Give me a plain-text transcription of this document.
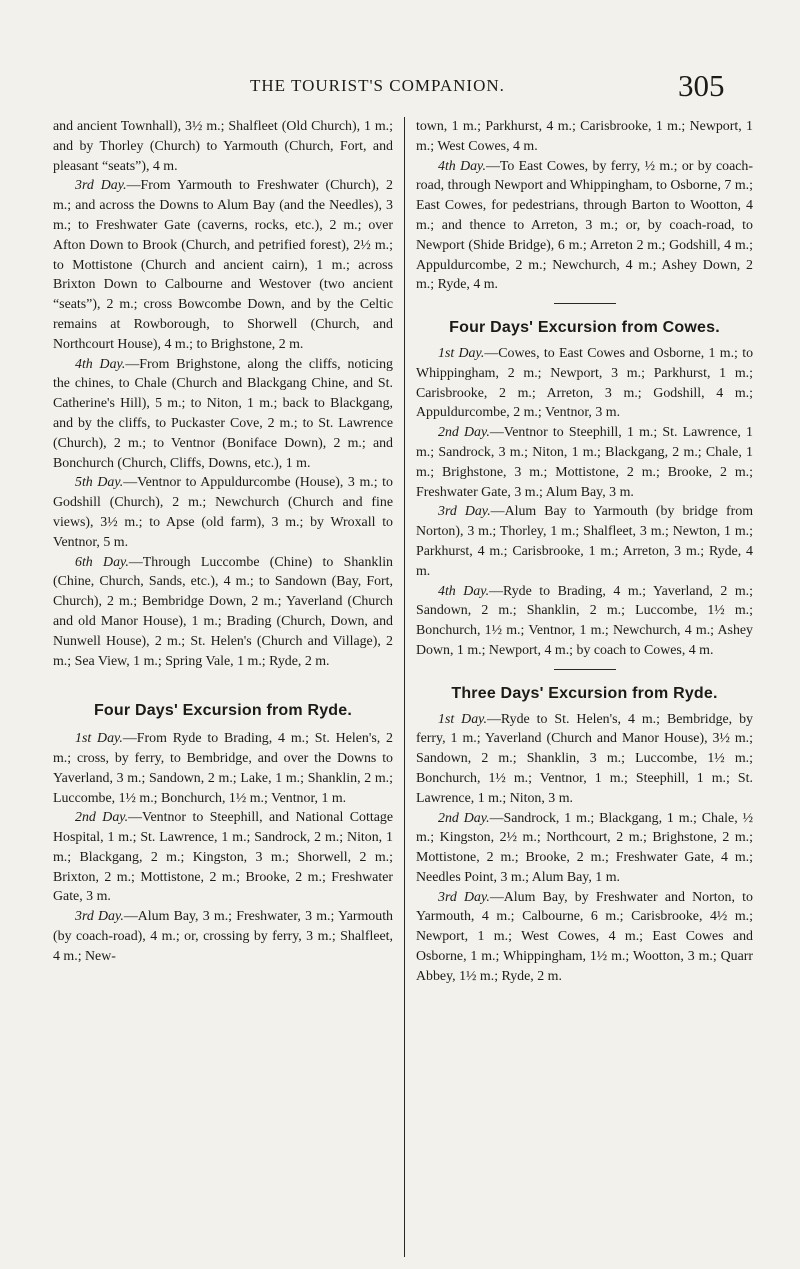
THE TOURIST'S COMPANION.	305

and ancient Townhall), 3½ m.; Shalfleet (Old Church), 1 m.; and by Thorley (Church) to Yarmouth (Church, Fort, and pleasant “seats”), 4 m.

3rd Day.—From Yarmouth to Freshwater (Church), 2 m.; and across the Downs to Alum Bay (and the Needles), 3 m.; to Freshwater Gate (caverns, rocks, etc.), 2 m.; over Afton Down to Brook (Church, and petrified forest), 2½ m.; to Mottistone (Church and ancient cairn), 1 m.; across Brixton Down to Calbourne and Westover (two ancient “seats”), 2 m.; cross Bowcombe Down, and by the Celtic remains at Rowborough, to Shorwell (Church, and Northcourt House), 4 m.; to Brighstone, 2 m.

4th Day.—From Brighstone, along the cliffs, noticing the chines, to Chale (Church and Blackgang Chine, and St. Catherine's Hill), 5 m.; to Niton, 1 m.; back to Blackgang, and by the cliffs, to Puckaster Cove, 2 m.; to St. Lawrence (Church), 2 m.; to Ventnor (Boniface Down), 2 m.; and Bonchurch (Church, Cliffs, Downs, etc.), 1 m.

5th Day.—Ventnor to Appuldurcombe (House), 3 m.; to Godshill (Church), 2 m.; Newchurch (Church and fine views), 3½ m.; to Apse (old farm), 3 m.; by Wroxall to Ventnor, 5 m.

6th Day.—Through Luccombe (Chine) to Shanklin (Chine, Church, Sands, etc.), 4 m.; to Sandown (Bay, Fort, Church), 2 m.; Bembridge Down, 2 m.; Yaverland (Church and old Manor House), 1 m.; Brading (Church, Down, and Nunwell House), 2 m.; St. Helen's (Church and Village), 2 m.; Sea View, 1 m.; Spring Vale, 1 m.; Ryde, 2 m.

Four Days' Excursion from Ryde.

1st Day.—From Ryde to Brading, 4 m.; St. Helen's, 2 m.; cross, by ferry, to Bembridge, and over the Downs to Yaverland, 3 m.; Sandown, 2 m.; Lake, 1 m.; Shanklin, 2 m.; Luccombe, 1½ m.; Bonchurch, 1½ m.; Ventnor, 1 m.

2nd Day.—Ventnor to Steephill, and National Cottage Hospital, 1 m.; St. Lawrence, 1 m.; Sandrock, 2 m.; Niton, 1 m.; Blackgang, 2 m.; Kingston, 3 m.; Shorwell, 2 m.; Brixton, 2 m.; Mottistone, 2 m.; Brooke, 2 m.; Freshwater Gate, 3 m.

3rd Day.—Alum Bay, 3 m.; Freshwater, 3 m.; Yarmouth (by coach-road), 4 m.; or, crossing by ferry, 3 m.; Shalfleet, 4 m.; New-

town, 1 m.; Parkhurst, 4 m.; Carisbrooke, 1 m.; Newport, 1 m.; West Cowes, 4 m.

4th Day.—To East Cowes, by ferry, ½ m.; or by coach-road, through Newport and Whippingham, to Osborne, 7 m.; East Cowes, for pedestrians, through Barton to Wootton, 4 m.; and thence to Arreton, 3 m.; or, by coach-road, to Newport (Shide Bridge), 6 m.; Arreton 2 m.; Godshill, 4 m.; Appuldurcombe, 2 m.; Newchurch, 4 m.; Ashey Down, 2 m.; Ryde, 4 m.

Four Days' Excursion from Cowes.

1st Day.—Cowes, to East Cowes and Osborne, 1 m.; to Whippingham, 2 m.; Newport, 3 m.; Parkhurst, 1 m.; Carisbrooke, 2 m.; Arreton, 3 m.; Godshill, 4 m.; Appuldurcombe, 2 m.; Ventnor, 3 m.

2nd Day.—Ventnor to Steephill, 1 m.; St. Lawrence, 1 m.; Sandrock, 3 m.; Niton, 1 m.; Blackgang, 2 m.; Chale, 1 m.; Brighstone, 3 m.; Mottistone, 2 m.; Brooke, 2 m.; Freshwater Gate, 3 m.; Alum Bay, 3 m.

3rd Day.—Alum Bay to Yarmouth (by bridge from Norton), 3 m.; Thorley, 1 m.; Shalfleet, 3 m.; Newton, 1 m.; Parkhurst, 4 m.; Carisbrooke, 1 m.; Arreton, 3 m.; Ryde, 4 m.

4th Day.—Ryde to Brading, 4 m.; Yaverland, 2 m.; Sandown, 2 m.; Shanklin, 2 m.; Luccombe, 1½ m.; Bonchurch, 1½ m.; Ventnor, 1 m.; Newchurch, 4 m.; Ashey Down, 1 m.; Newport, 4 m.; by coach to Cowes, 4 m.

Three Days' Excursion from Ryde.

1st Day.—Ryde to St. Helen's, 4 m.; Bembridge, by ferry, 1 m.; Yaverland (Church and Manor House), 3½ m.; Sandown, 2 m.; Shanklin, 3 m.; Luccombe, 1½ m.; Bonchurch, 1½ m.; Ventnor, 1 m.; Steephill, 1 m.; St. Lawrence, 1 m.; Niton, 3 m.

2nd Day.—Sandrock, 1 m.; Blackgang, 1 m.; Chale, ½ m.; Kingston, 2½ m.; Northcourt, 2 m.; Brighstone, 2 m.; Mottistone, 2 m.; Brooke, 2 m.; Freshwater Gate, 4 m.; Needles Point, 3 m.; Alum Bay, 1 m.

3rd Day.—Alum Bay, by Freshwater and Norton, to Yarmouth, 4 m.; Calbourne, 6 m.; Carisbrooke, 4½ m.; Newport, 1 m.; West Cowes, 4 m.; East Cowes and Osborne, 1 m.; Whippingham, 1½ m.; Wootton, 3 m.; Quarr Abbey, 1½ m.; Ryde, 2 m.
